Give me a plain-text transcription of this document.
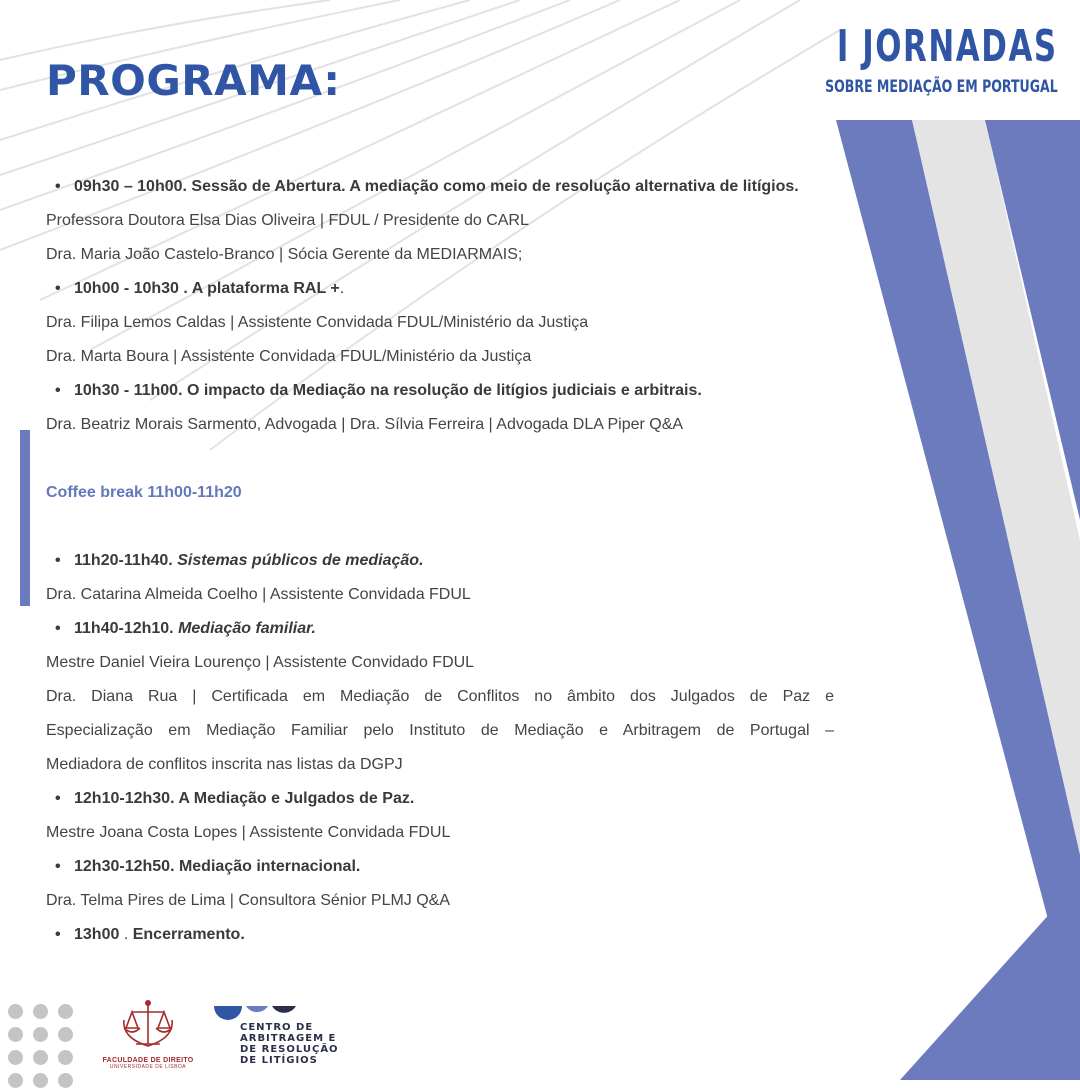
PROGRAMA:
I JORNADAS
SOBRE MEDIAÇÃO EM PORTUGAL
• 09h30 – 10h00. Sessão de Abertura. A mediação como meio de resolução alternativa de litígios.
Professora Doutora Elsa Dias Oliveira | FDUL / Presidente do CARL
Dra. Maria João Castelo-Branco | Sócia Gerente da MEDIARMAIS;
• 10h00 - 10h30 . A plataforma RAL +.
Dra. Filipa Lemos Caldas | Assistente Convidada FDUL/Ministério da Justiça
Dra. Marta Boura | Assistente Convidada FDUL/Ministério da Justiça
• 10h30 - 11h00. O impacto da Mediação na resolução de litígios judiciais e arbitrais.
Dra. Beatriz Morais Sarmento, Advogada | Dra. Sílvia Ferreira | Advogada DLA Piper Q&A
Coffee break 11h00-11h20
• 11h20-11h40. Sistemas públicos de mediação.
Dra. Catarina Almeida Coelho | Assistente Convidada FDUL
• 11h40-12h10. Mediação familiar.
Mestre Daniel Vieira Lourenço | Assistente Convidado FDUL
Dra. Diana Rua | Certificada em Mediação de Conflitos no âmbito dos Julgados de Paz e
Especialização em Mediação Familiar pelo Instituto de Mediação e Arbitragem de Portugal –
Mediadora de conflitos inscrita nas listas da DGPJ
• 12h10-12h30. A Mediação e Julgados de Paz.
Mestre Joana Costa Lopes | Assistente Convidada FDUL
• 12h30-12h50. Mediação internacional.
Dra. Telma Pires de Lima | Consultora Sénior PLMJ Q&A
• 13h00 . Encerramento.
FACULDADE DE DIREITO
UNIVERSIDADE DE LISBOA
CENTRO DE
ARBITRAGEM E
DE RESOLUÇÃO
DE LITÍGIOS
